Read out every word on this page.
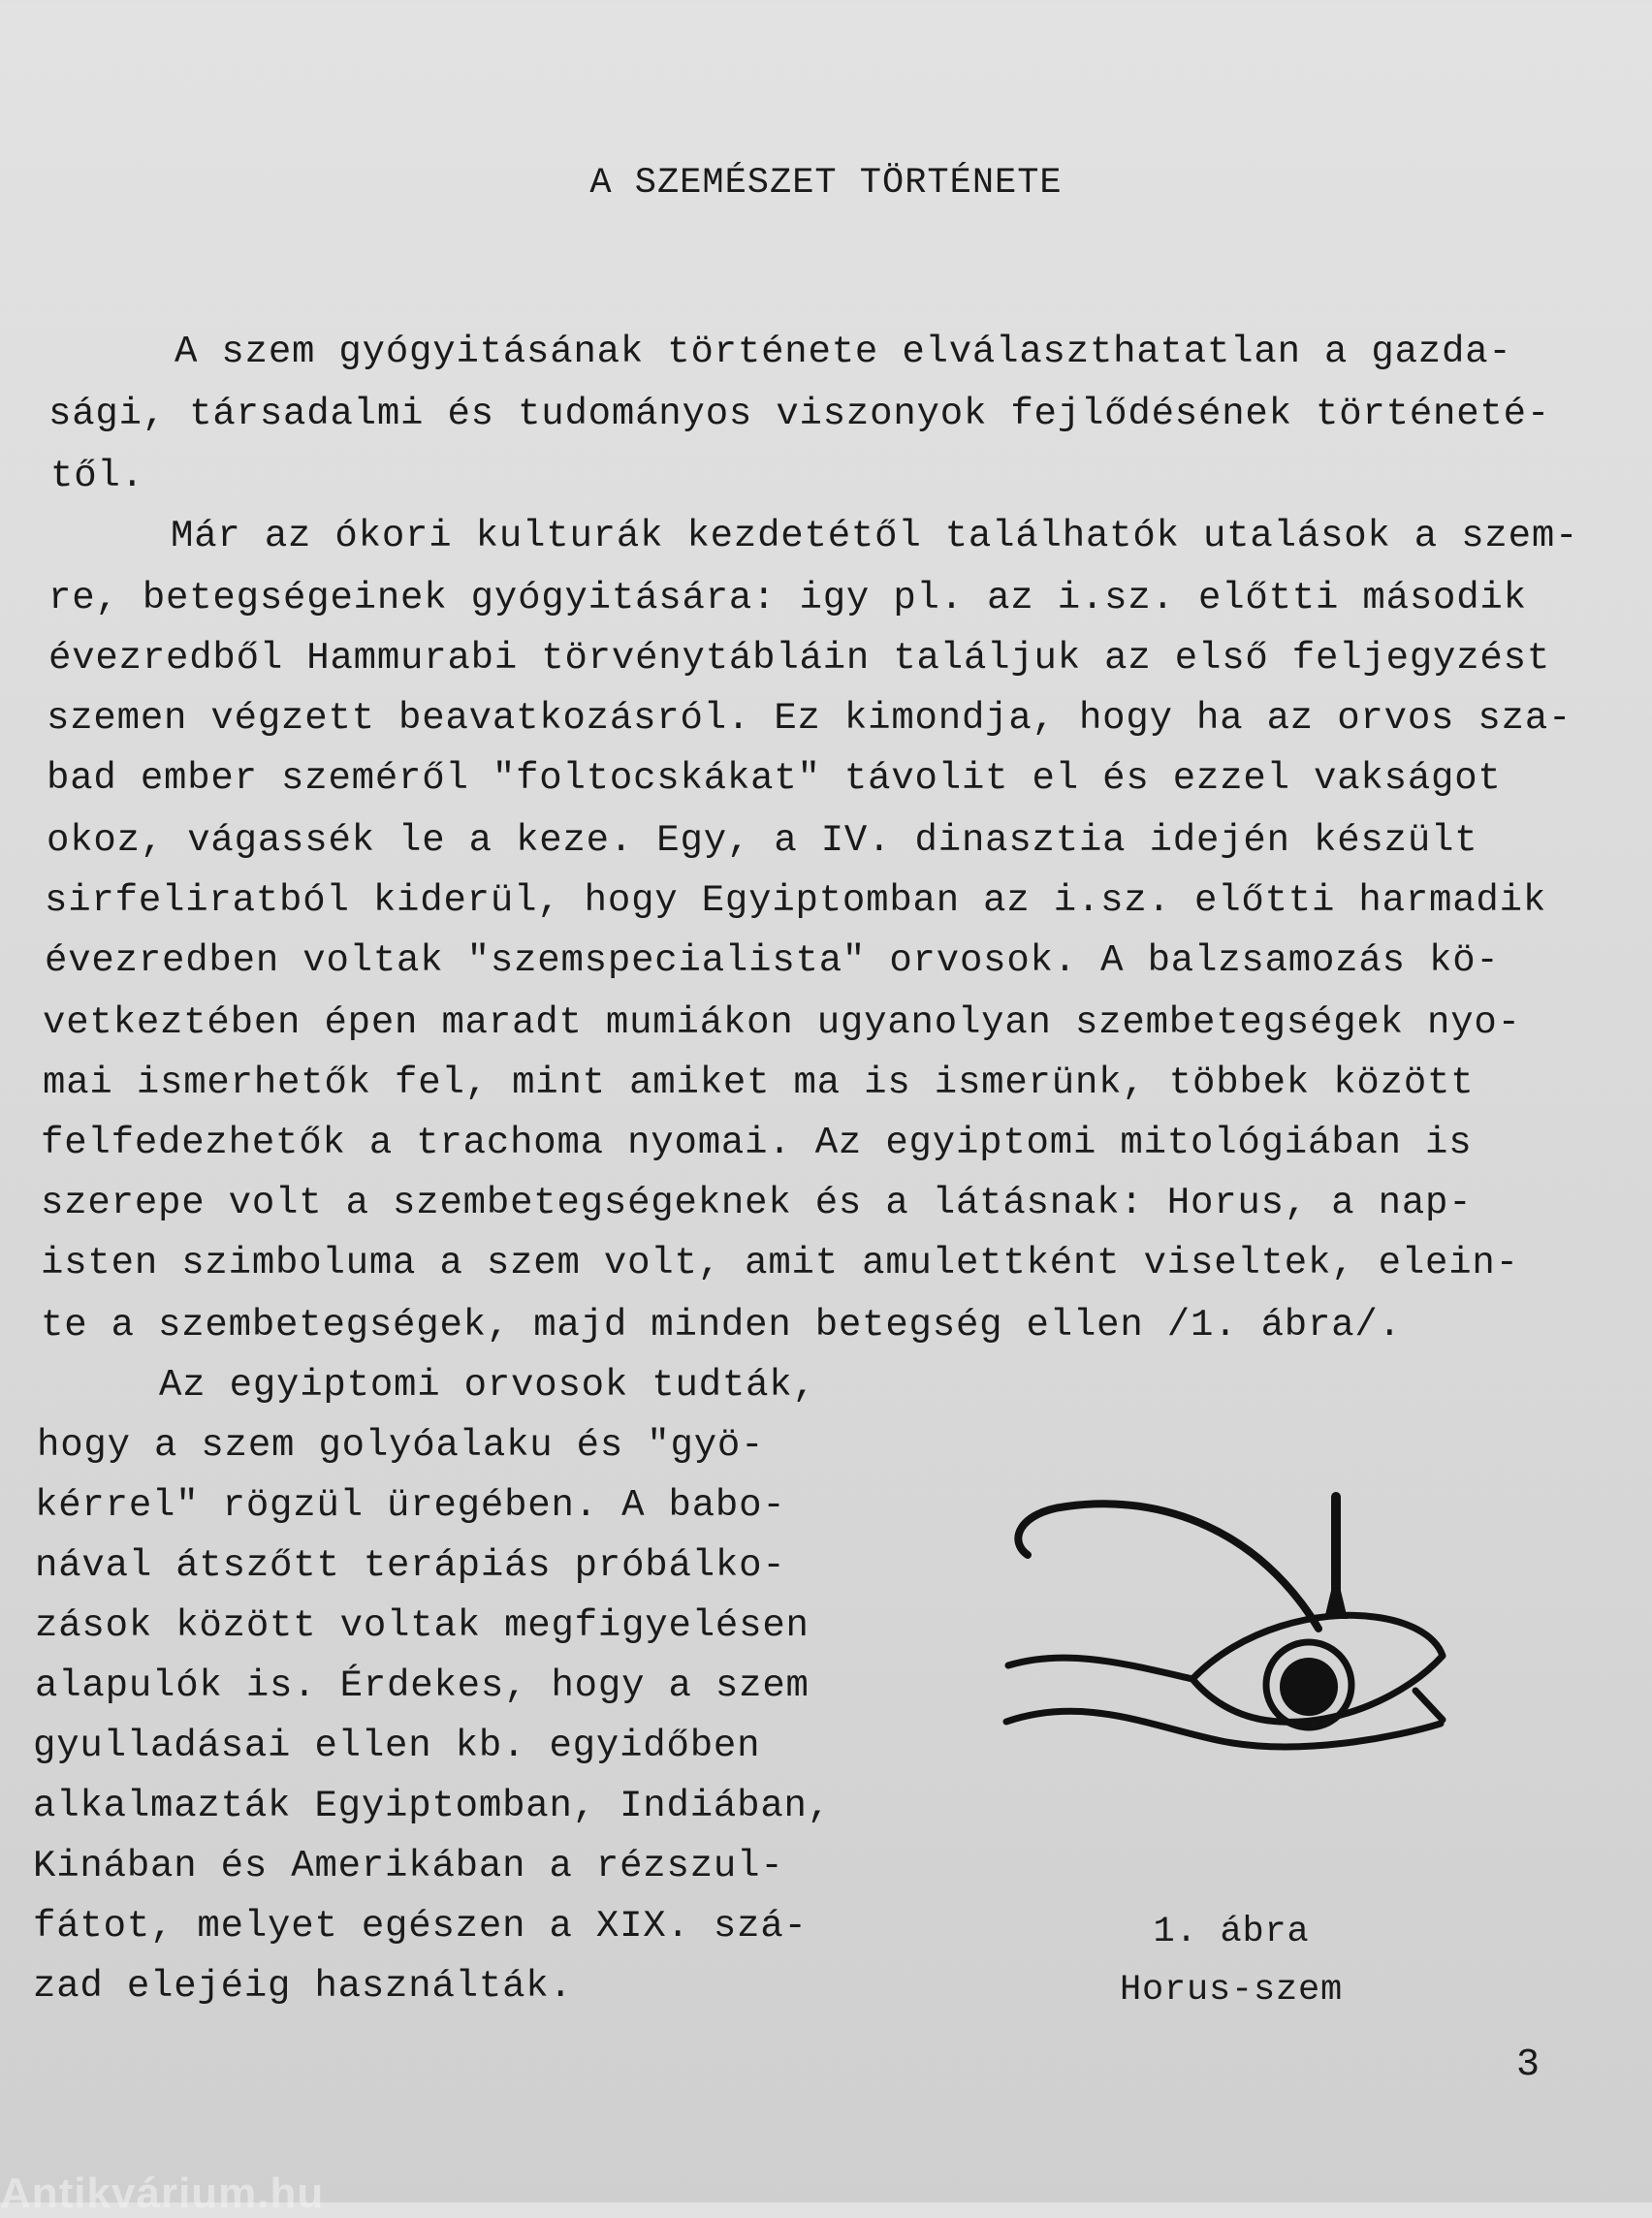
A SZEMÉSZET TÖRTÉNETE
A szem gyógyitásának története elválaszthatatlan a gazda-
sági, társadalmi és tudományos viszonyok fejlődésének történeté-
től.
Már az ókori kulturák kezdetétől találhatók utalások a szem-
re, betegségeinek gyógyitására: igy pl. az i.sz. előtti második
évezredből Hammurabi törvénytábláin találjuk az első feljegyzést
szemen végzett beavatkozásról. Ez kimondja, hogy ha az orvos sza-
bad ember szeméről "foltocskákat" távolit el és ezzel vakságot
okoz, vágassék le a keze. Egy, a IV. dinasztia idején készült
sirfeliratból kiderül, hogy Egyiptomban az i.sz. előtti harmadik
évezredben voltak "szemspecialista" orvosok. A balzsamozás kö-
vetkeztében épen maradt mumiákon ugyanolyan szembetegségek nyo-
mai ismerhetők fel, mint amiket ma is ismerünk, többek között
felfedezhetők a trachoma nyomai. Az egyiptomi mitológiában is
szerepe volt a szembetegségeknek és a látásnak: Horus, a nap-
isten szimboluma a szem volt, amit amulettként viseltek, elein-
te a szembetegségek, majd minden betegség ellen /1. ábra/.
Az egyiptomi orvosok tudták,
hogy a szem golyóalaku és "gyö-
kérrel" rögzül üregében. A babo-
nával átszőtt terápiás próbálko-
zások között voltak megfigyelésen
alapulók is. Érdekes, hogy a szem
gyulladásai ellen kb. egyidőben
alkalmazták Egyiptomban, Indiában,
Kinában és Amerikában a rézszul-
fátot, melyet egészen a XIX. szá-
zad elejéig használták.
1. ábra
Horus-szem
3
Antikvárium.hu
